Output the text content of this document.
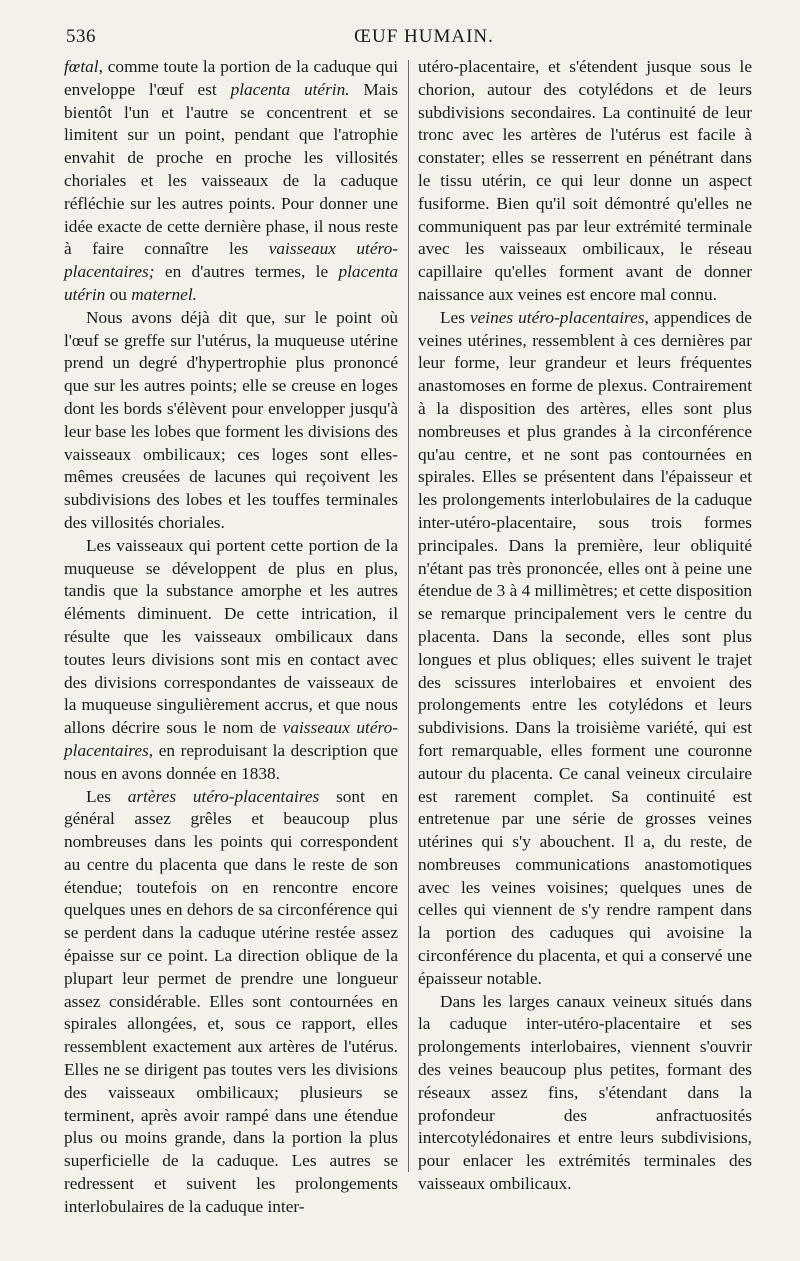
536	ŒUF HUMAIN.

fœtal, comme toute la portion de la caduque qui enveloppe l'œuf est placenta utérin. Mais bientôt l'un et l'autre se concentrent et se limitent sur un point, pendant que l'atrophie envahit de proche en proche les villosités choriales et les vaisseaux de la caduque réfléchie sur les autres points. Pour donner une idée exacte de cette dernière phase, il nous reste à faire connaître les vaisseaux utéro-placentaires; en d'autres termes, le placenta utérin ou maternel.

Nous avons déjà dit que, sur le point où l'œuf se greffe sur l'utérus, la muqueuse utérine prend un degré d'hypertrophie plus prononcé que sur les autres points; elle se creuse en loges dont les bords s'élèvent pour envelopper jusqu'à leur base les lobes que forment les divisions des vaisseaux ombilicaux; ces loges sont elles-mêmes creusées de lacunes qui reçoivent les subdivisions des lobes et les touffes terminales des villosités choriales.

Les vaisseaux qui portent cette portion de la muqueuse se développent de plus en plus, tandis que la substance amorphe et les autres éléments diminuent. De cette intrication, il résulte que les vaisseaux ombilicaux dans toutes leurs divisions sont mis en contact avec des divisions correspondantes de vaisseaux de la muqueuse singulièrement accrus, et que nous allons décrire sous le nom de vaisseaux utéro-placentaires, en reproduisant la description que nous en avons donnée en 1838.

Les artères utéro-placentaires sont en général assez grêles et beaucoup plus nombreuses dans les points qui correspondent au centre du placenta que dans le reste de son étendue; toutefois on en rencontre encore quelques unes en dehors de sa circonférence qui se perdent dans la caduque utérine restée assez épaisse sur ce point. La direction oblique de la plupart leur permet de prendre une longueur assez considérable. Elles sont contournées en spirales allongées, et, sous ce rapport, elles ressemblent exactement aux artères de l'utérus. Elles ne se dirigent pas toutes vers les divisions des vaisseaux ombilicaux; plusieurs se terminent, après avoir rampé dans une étendue plus ou moins grande, dans la portion la plus superficielle de la caduque. Les autres se redressent et suivent les prolongements interlobulaires de la caduque inter-

utéro-placentaire, et s'étendent jusque sous le chorion, autour des cotylédons et de leurs subdivisions secondaires. La continuité de leur tronc avec les artères de l'utérus est facile à constater; elles se resserrent en pénétrant dans le tissu utérin, ce qui leur donne un aspect fusiforme. Bien qu'il soit démontré qu'elles ne communiquent pas par leur extrémité terminale avec les vaisseaux ombilicaux, le réseau capillaire qu'elles forment avant de donner naissance aux veines est encore mal connu.

Les veines utéro-placentaires, appendices de veines utérines, ressemblent à ces dernières par leur forme, leur grandeur et leurs fréquentes anastomoses en forme de plexus. Contrairement à la disposition des artères, elles sont plus nombreuses et plus grandes à la circonférence qu'au centre, et ne sont pas contournées en spirales. Elles se présentent dans l'épaisseur et les prolongements interlobulaires de la caduque inter-utéro-placentaire, sous trois formes principales. Dans la première, leur obliquité n'étant pas très prononcée, elles ont à peine une étendue de 3 à 4 millimètres; et cette disposition se remarque principalement vers le centre du placenta. Dans la seconde, elles sont plus longues et plus obliques; elles suivent le trajet des scissures interlobaires et envoient des prolongements entre les cotylédons et leurs subdivisions. Dans la troisième variété, qui est fort remarquable, elles forment une couronne autour du placenta. Ce canal veineux circulaire est rarement complet. Sa continuité est entretenue par une série de grosses veines utérines qui s'y abouchent. Il a, du reste, de nombreuses communications anastomotiques avec les veines voisines; quelques unes de celles qui viennent de s'y rendre rampent dans la portion des caduques qui avoisine la circonférence du placenta, et qui a conservé une épaisseur notable.

Dans les larges canaux veineux situés dans la caduque inter-utéro-placentaire et ses prolongements interlobaires, viennent s'ouvrir des veines beaucoup plus petites, formant des réseaux assez fins, s'étendant dans la profondeur des anfractuosités intercotylédonaires et entre leurs subdivisions, pour enlacer les extrémités terminales des vaisseaux ombilicaux.
